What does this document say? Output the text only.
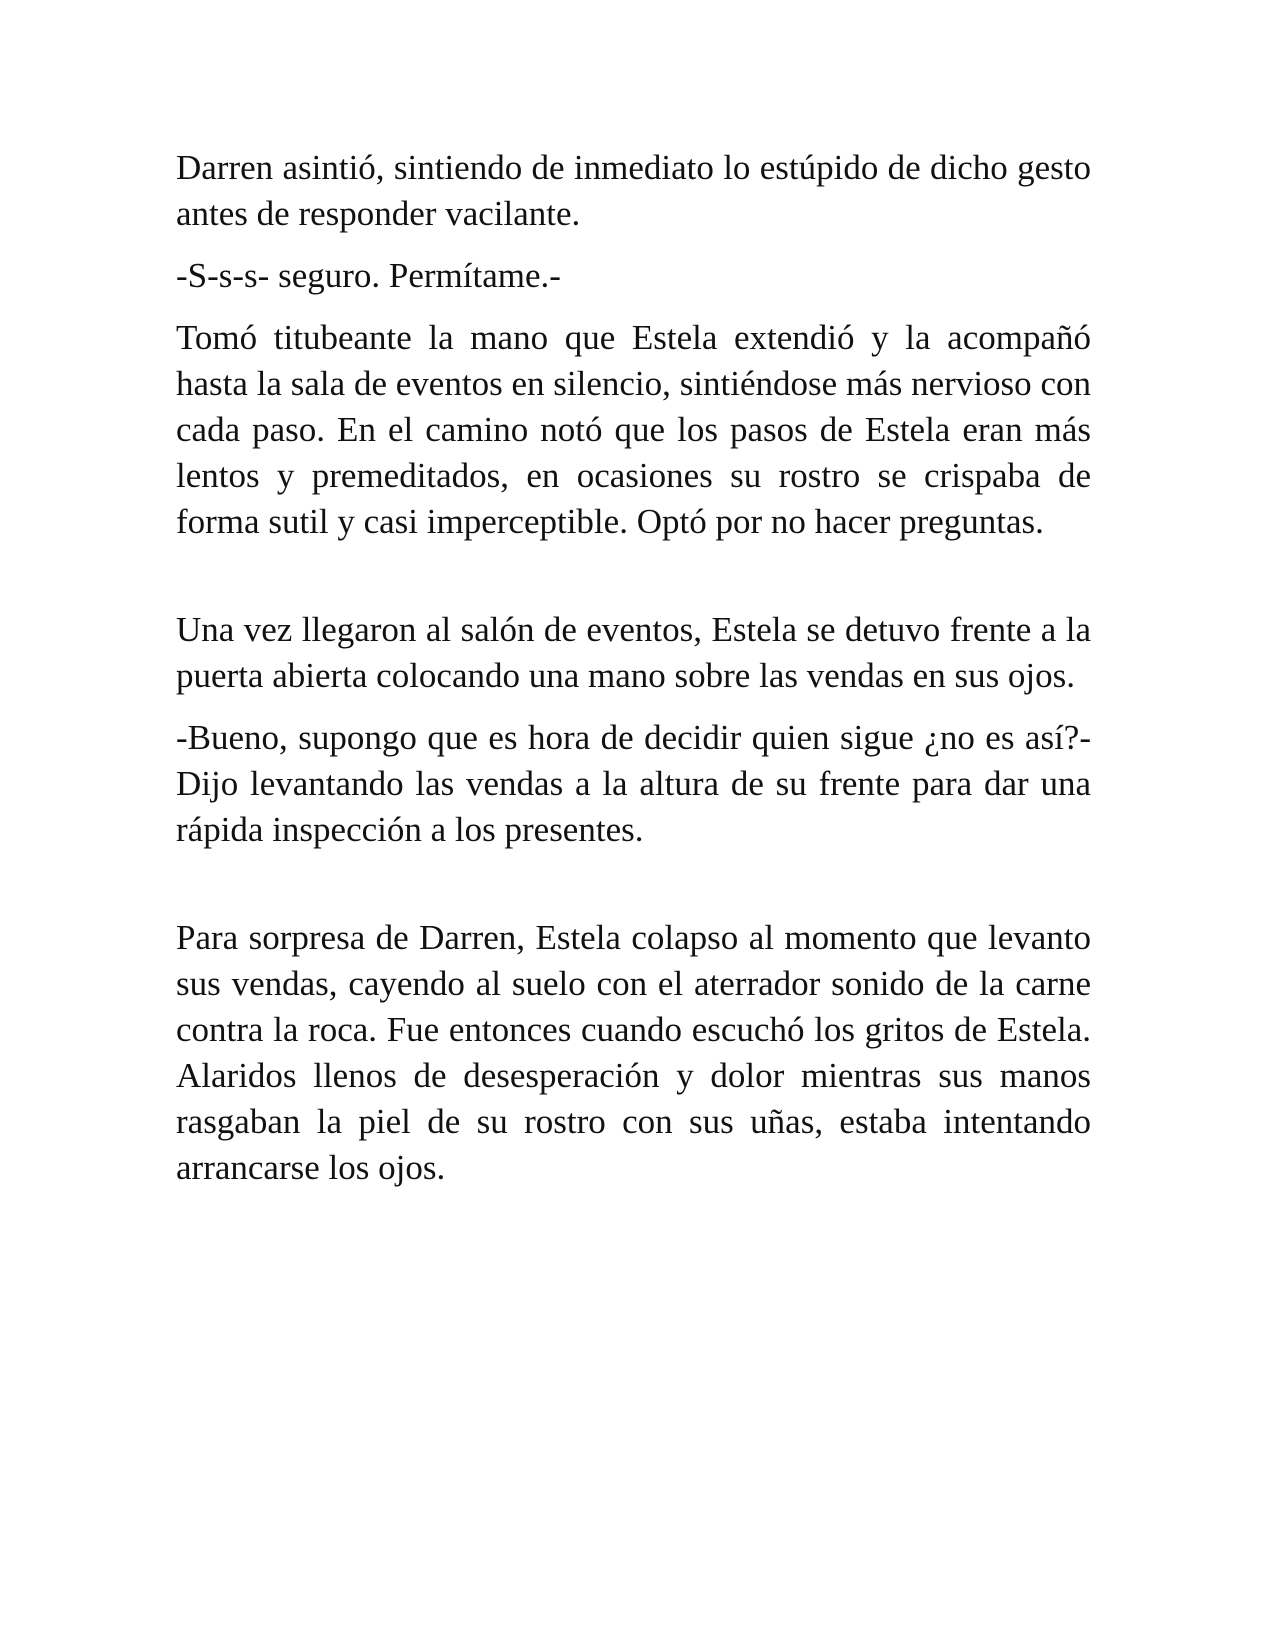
Darren asintió, sintiendo de inmediato lo estúpido de dicho gesto antes de responder vacilante.

-S-s-s- seguro. Permítame.-

Tomó titubeante la mano que Estela extendió y la acompañó hasta la sala de eventos en silencio, sintiéndose más nervioso con cada paso. En el camino notó que los pasos de Estela eran más lentos y premeditados, en ocasiones su rostro se crispaba de forma sutil y casi imperceptible. Optó por no hacer preguntas.

Una vez llegaron al salón de eventos, Estela se detuvo frente a la puerta abierta colocando una mano sobre las vendas en sus ojos.

-Bueno, supongo que es hora de decidir quien sigue ¿no es así?- Dijo levantando las vendas a la altura de su frente para dar una rápida inspección a los presentes.

Para sorpresa de Darren, Estela colapso al momento que levanto sus vendas, cayendo al suelo con el aterrador sonido de la carne contra la roca. Fue entonces cuando escuchó los gritos de Estela. Alaridos llenos de desesperación y dolor mientras sus manos rasgaban la piel de su rostro con sus uñas, estaba intentando arrancarse los ojos.
